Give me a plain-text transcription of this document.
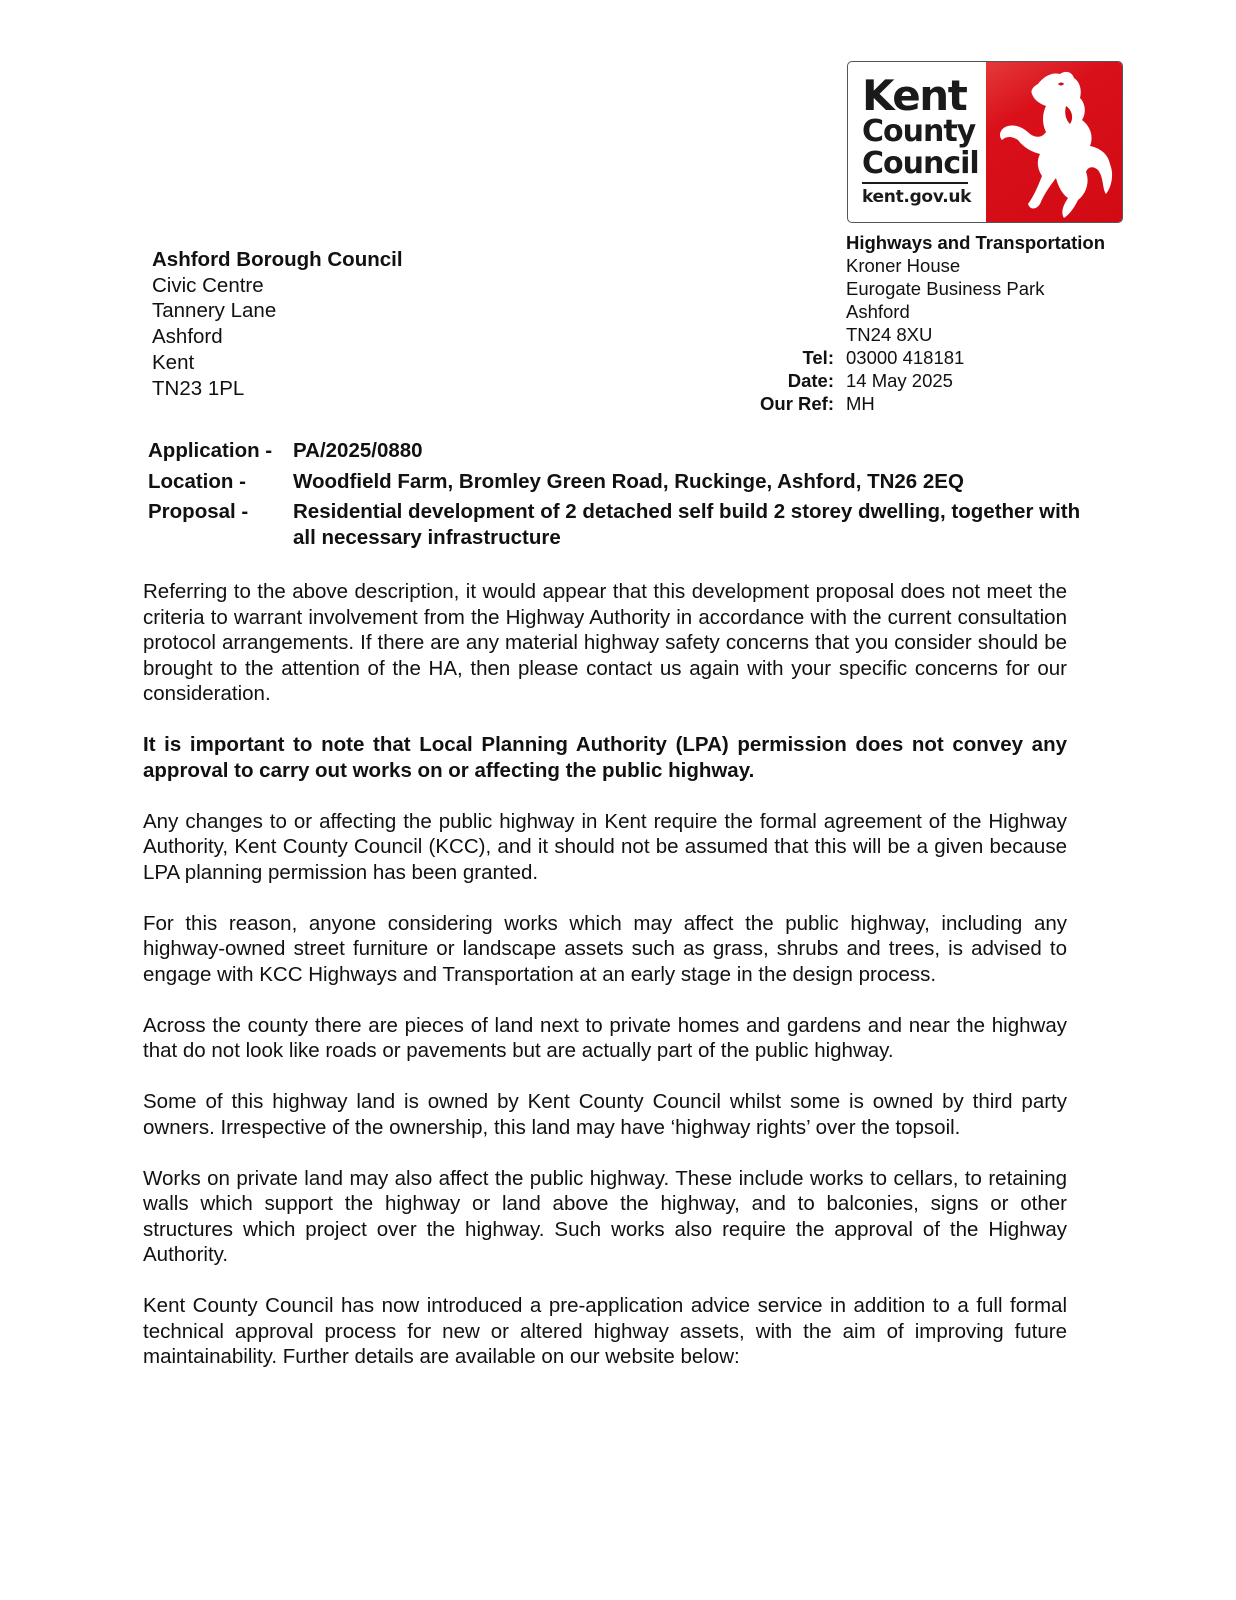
Kent
County
Council
kent.gov.uk
Highways and Transportation
Kroner House
Eurogate Business Park
Ashford
TN24 8XU
Tel: 03000 418181
Date: 14 May 2025
Our Ref: MH
Ashford Borough Council
Civic Centre
Tannery Lane
Ashford
Kent
TN23 1PL
Application -	PA/2025/0880
Location -	Woodfield Farm, Bromley Green Road, Ruckinge, Ashford, TN26 2EQ
Proposal -	Residential development of 2 detached self build 2 storey dwelling, together with all necessary infrastructure

Referring to the above description, it would appear that this development proposal does not meet the criteria to warrant involvement from the Highway Authority in accordance with the current consultation protocol arrangements. If there are any material highway safety concerns that you consider should be brought to the attention of the HA, then please contact us again with your specific concerns for our consideration.

It is important to note that Local Planning Authority (LPA) permission does not convey any approval to carry out works on or affecting the public highway.

Any changes to or affecting the public highway in Kent require the formal agreement of the Highway Authority, Kent County Council (KCC), and it should not be assumed that this will be a given because LPA planning permission has been granted.

For this reason, anyone considering works which may affect the public highway, including any highway-owned street furniture or landscape assets such as grass, shrubs and trees, is advised to engage with KCC Highways and Transportation at an early stage in the design process.

Across the county there are pieces of land next to private homes and gardens and near the highway that do not look like roads or pavements but are actually part of the public highway.

Some of this highway land is owned by Kent County Council whilst some is owned by third party owners. Irrespective of the ownership, this land may have ‘highway rights’ over the topsoil.

Works on private land may also affect the public highway. These include works to cellars, to retaining walls which support the highway or land above the highway, and to balconies, signs or other structures which project over the highway. Such works also require the approval of the Highway Authority.

Kent County Council has now introduced a pre-application advice service in addition to a full formal technical approval process for new or altered highway assets, with the aim of improving future maintainability. Further details are available on our website below:
